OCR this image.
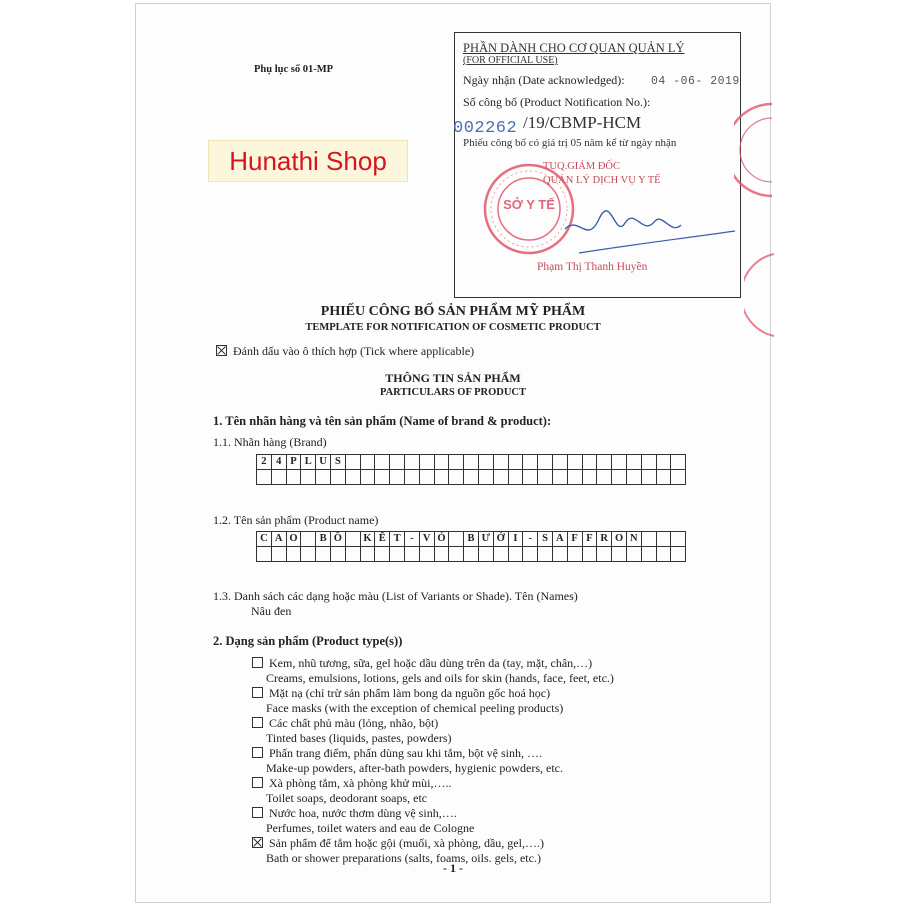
Phụ lục số 01-MP
PHẦN DÀNH CHO CƠ QUAN QUẢN LÝ
(FOR OFFICIAL USE)
Ngày nhận (Date acknowledged): 04 -06- 2019
Số công bố (Product Notification No.):
002262 /19/CBMP-HCM
Phiếu công bố có giá trị 05 năm kể từ ngày nhận
TUQ.GIÁM ĐỐC
QUẢN LÝ DỊCH VỤ Y TẾ
SỞ Y TẾ
Phạm Thị Thanh Huyền
Hunathi Shop
PHIẾU CÔNG BỐ SẢN PHẨM MỸ PHẨM
TEMPLATE FOR NOTIFICATION OF COSMETIC PRODUCT
Đánh dấu vào ô thích hợp (Tick where applicable)
THÔNG TIN SẢN PHẨM
PARTICULARS OF PRODUCT
1. Tên nhãn hàng và tên sản phẩm (Name of brand & product):
1.1. Nhãn hàng (Brand)
2	4	P	L	U	S																							

1.2. Tên sản phẩm (Product name)
C	A	O		B	Ồ		K	Ế	T	-	V	Ỏ		B	Ư	Ở	I	-	S	A	F	F	R	O	N			

1.3. Danh sách các dạng hoặc màu (List of Variants or Shade). Tên (Names)
Nâu đen
2. Dạng sản phẩm (Product type(s))
Kem, nhũ tương, sữa, gel hoặc dầu dùng trên da (tay, mặt, chân,…)
Creams, emulsions, lotions, gels and oils for skin (hands, face, feet, etc.)
Mặt nạ (chỉ trừ sản phẩm làm bong da nguồn gốc hoá học)
Face masks (with the exception of chemical peeling products)
Các chất phủ màu (lỏng, nhão, bột)
Tinted bases (liquids, pastes, powders)
Phấn trang điểm, phấn dùng sau khi tắm, bột vệ sinh, ….
Make-up powders, after-bath powders, hygienic powders, etc.
Xà phòng tắm, xà phòng khử mùi,…..
Toilet soaps, deodorant soaps, etc
Nước hoa, nước thơm dùng vệ sinh,….
Perfumes, toilet waters and eau de Cologne
Sản phẩm để tắm hoặc gội (muối, xà phòng, dầu, gel,….)
Bath or shower preparations (salts, foams, oils. gels, etc.)
- 1 -
